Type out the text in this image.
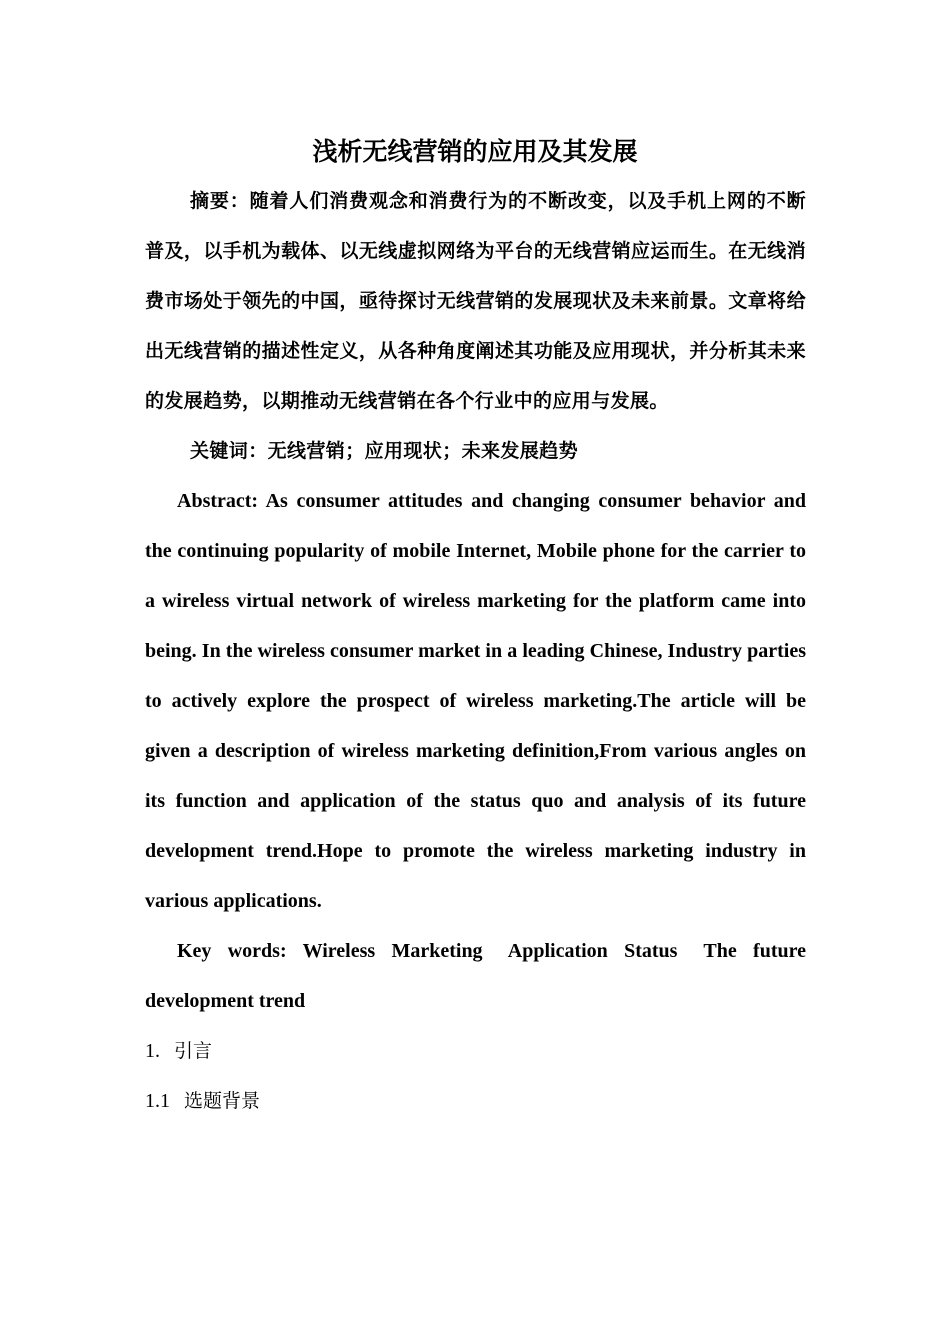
浅析无线营销的应用及其发展

摘要：随着人们消费观念和消费行为的不断改变，以及手机上网的不断普及，以手机为载体、以无线虚拟网络为平台的无线营销应运而生。在无线消费市场处于领先的中国，亟待探讨无线营销的发展现状及未来前景。文章将给出无线营销的描述性定义，从各种角度阐述其功能及应用现状，并分析其未来的发展趋势，以期推动无线营销在各个行业中的应用与发展。

关键词：无线营销；应用现状；未来发展趋势

Abstract: As consumer attitudes and changing consumer behavior and the continuing popularity of mobile Internet, Mobile phone for the carrier to a wireless virtual network of wireless marketing for the platform came into being. In the wireless consumer market in a leading Chinese, Industry parties to actively explore the prospect of wireless marketing.The article will be given a description of wireless marketing definition,From various angles on its function and application of the status quo and analysis of its future development trend.Hope to promote the wireless marketing industry in various applications.

Key words: Wireless Marketing Application Status The future development trend

1. 引言

1.1 选题背景
